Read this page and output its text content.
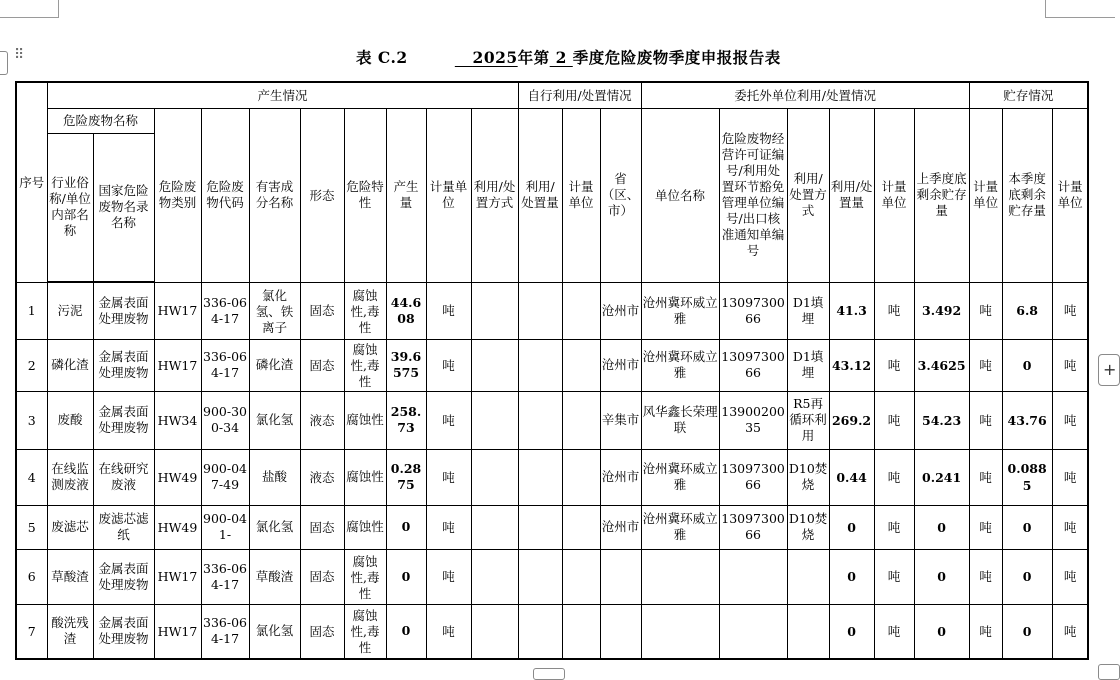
⠿
+
表 C.2	2025年第 2 季度危险废物季度申报报告表
序号	产生情况										自行利用/处置情况			委托外单位利用/处置情况						贮存情况		
	危险废物名称		危险废物类别	危险废物代码	有害成分名称	形态	危险特性	产生量	计量单位	利用/处置方式	利用/处置量	计量单位	省（区、市）	单位名称	危险废物经营许可证编号/利用处置环节豁免管理单位编号/出口核准通知单编号	利用/处置方式	利用/处置量	计量单位	上季度底剩余贮存量	计量单位	本季度底剩余贮存量	计量单位
	行业俗称/单位内部名称	国家危险废物名录名称																				
1	污泥	金属表面处理废物	HW17	336-064-17	氯化氢、铁离子	固态	腐蚀性,毒性	44.608	吨				沧州市	沧州冀环威立雅	1309730066	D1填埋	41.3	吨	3.492	吨	6.8	吨
2	磷化渣	金属表面处理废物	HW17	336-064-17	磷化渣	固态	腐蚀性,毒性	39.6575	吨				沧州市	沧州冀环威立雅	1309730066	D1填埋	43.12	吨	3.4625	吨	0	吨
3	废酸	金属表面处理废物	HW34	900-300-34	氯化氢	液态	腐蚀性	258.73	吨				辛集市	风华鑫长荣理联	1390020035	R5再循环利用	269.2	吨	54.23	吨	43.76	吨
4	在线监测废液	在线研究废液	HW49	900-047-49	盐酸	液态	腐蚀性	0.2875	吨				沧州市	沧州冀环威立雅	1309730066	D10焚烧	0.44	吨	0.241	吨	0.0885	吨
5	废滤芯	废滤芯滤纸	HW49	900-041-	氯化氢	固态	腐蚀性	0	吨				沧州市	沧州冀环威立雅	1309730066	D10焚烧	0	吨	0	吨	0	吨
6	草酸渣	金属表面处理废物	HW17	336-064-17	草酸渣	固态	腐蚀性,毒性	0	吨								0	吨	0	吨	0	吨
7	酸洗残渣	金属表面处理废物	HW17	336-064-17	氯化氢	固态	腐蚀性,毒性	0	吨								0	吨	0	吨	0	吨
